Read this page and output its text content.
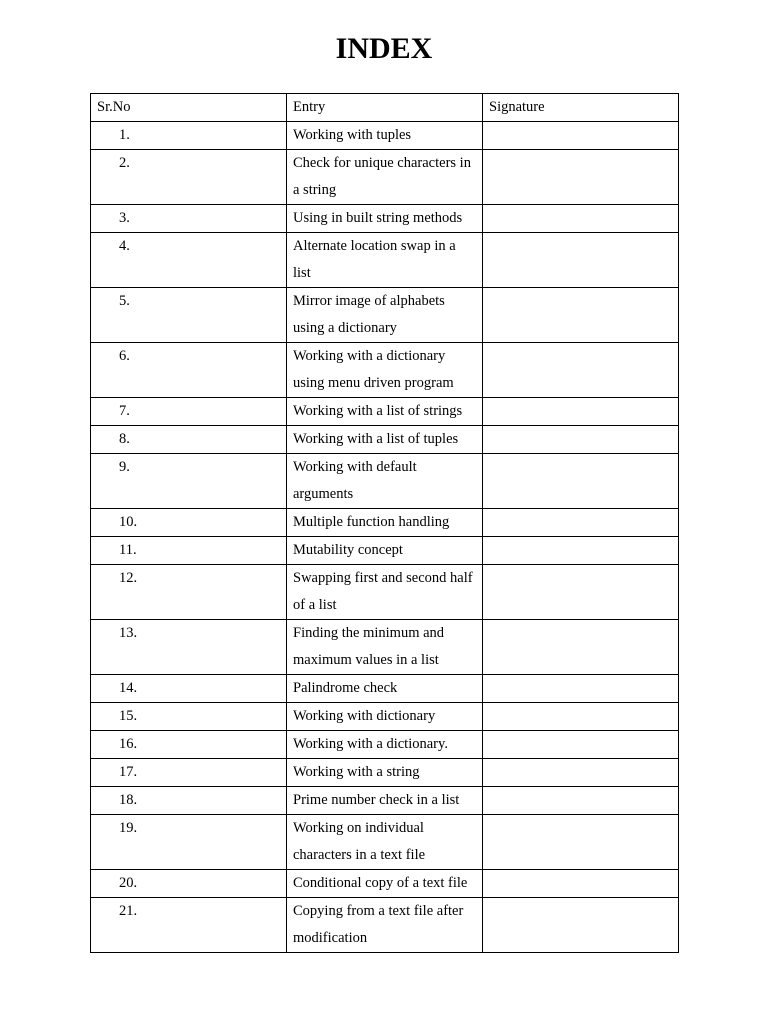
INDEX
Sr.No	Entry	Signature
1.	Working with tuples	
2.	Check for unique characters in a string	
3.	Using in built string methods	
4.	Alternate location swap in a list	
5.	Mirror image of alphabets using a dictionary	
6.	Working with a dictionary using menu driven program	
7.	Working with a list of strings	
8.	Working with a list of tuples	
9.	Working with default arguments	
10.	Multiple function handling	
11.	Mutability concept	
12.	Swapping first and second half of a list	
13.	Finding the minimum and maximum values in a list	
14.	Palindrome check	
15.	Working with dictionary	
16.	Working with a dictionary.	
17.	Working with a string	
18.	Prime number check in a list	
19.	Working on individual characters in a text file	
20.	Conditional copy of a text file	
21.	Copying from a text file after modification	
